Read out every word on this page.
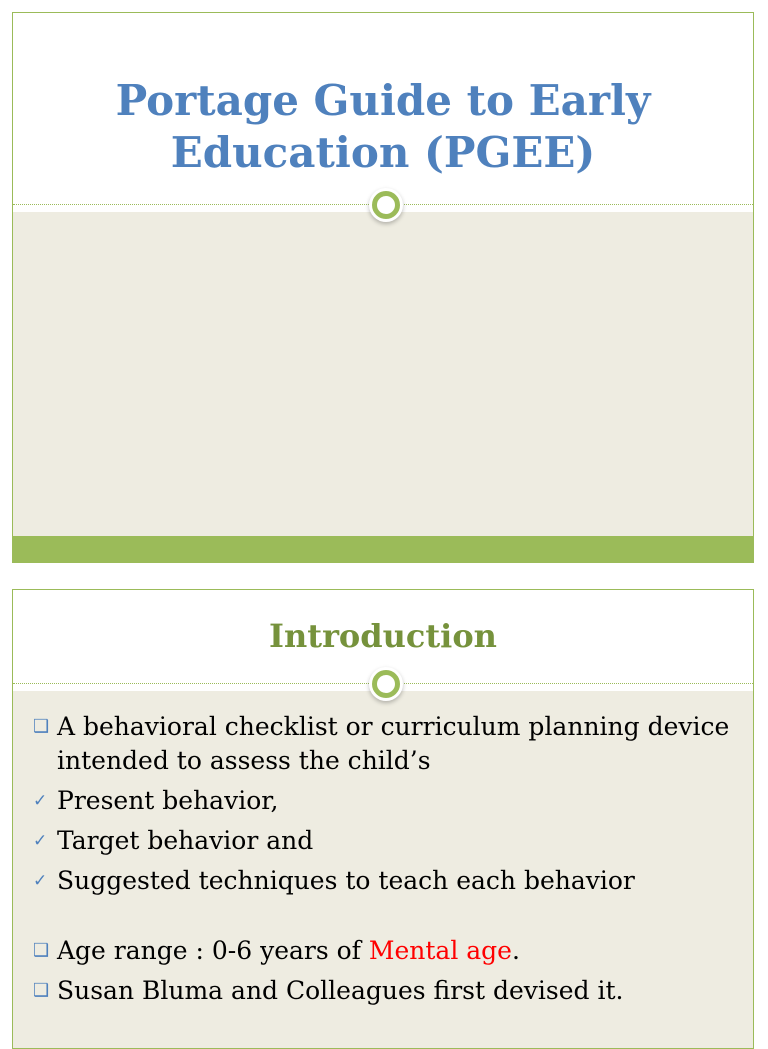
Portage Guide to Early
Education (PGEE)
Introduction
❑ A behavioral checklist or curriculum planning device intended to assess the child’s
✓ Present behavior,
✓ Target behavior and
✓ Suggested techniques to teach each behavior
❑ Age range : 0-6 years of Mental age.
❑ Susan Bluma and Colleagues first devised it.
